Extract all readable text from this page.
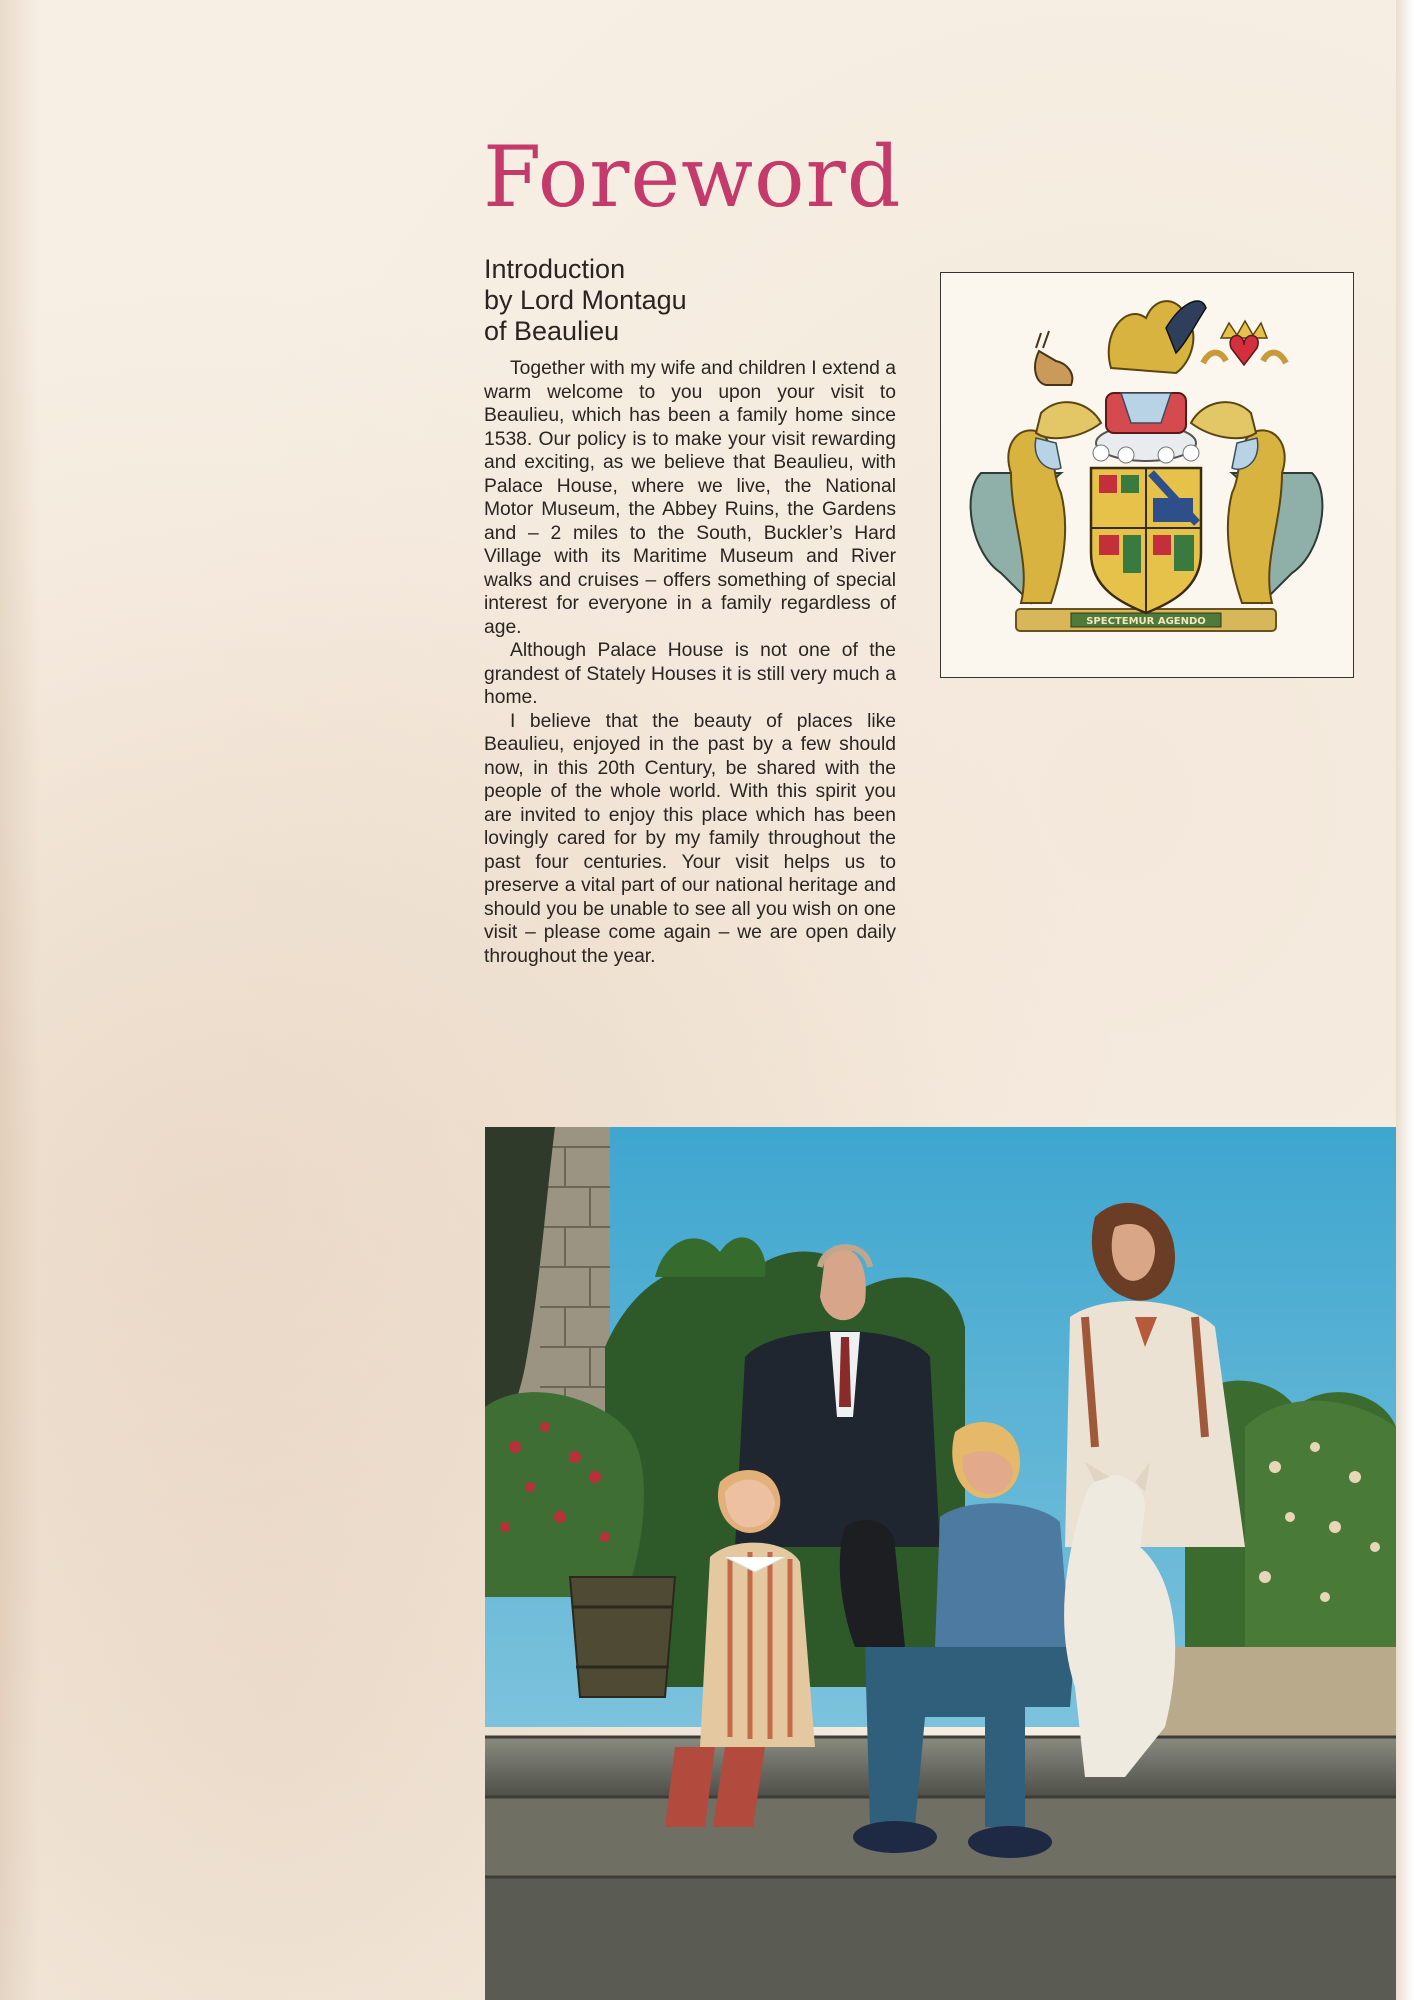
Foreword
Introduction
by Lord Montagu
of Beaulieu

Together with my wife and children I extend a warm welcome to you upon your visit to Beaulieu, which has been a family home since 1538. Our policy is to make your visit rewarding and exciting, as we believe that Beaulieu, with Palace House, where we live, the National Motor Museum, the Abbey Ruins, the Gardens and – 2 miles to the South, Buckler’s Hard Village with its Maritime Museum and River walks and cruises – offers something of special interest for everyone in a family regardless of age.

Although Palace House is not one of the grandest of Stately Houses it is still very much a home.

I believe that the beauty of places like Beaulieu, enjoyed in the past by a few should now, in this 20th Century, be shared with the people of the whole world. With this spirit you are invited to enjoy this place which has been lovingly cared for by my family throughout the past four centuries. Your visit helps us to preserve a vital part of our national heritage and should you be unable to see all you wish on one visit – please come again – we are open daily throughout the year.

SPECTEMUR AGENDO
